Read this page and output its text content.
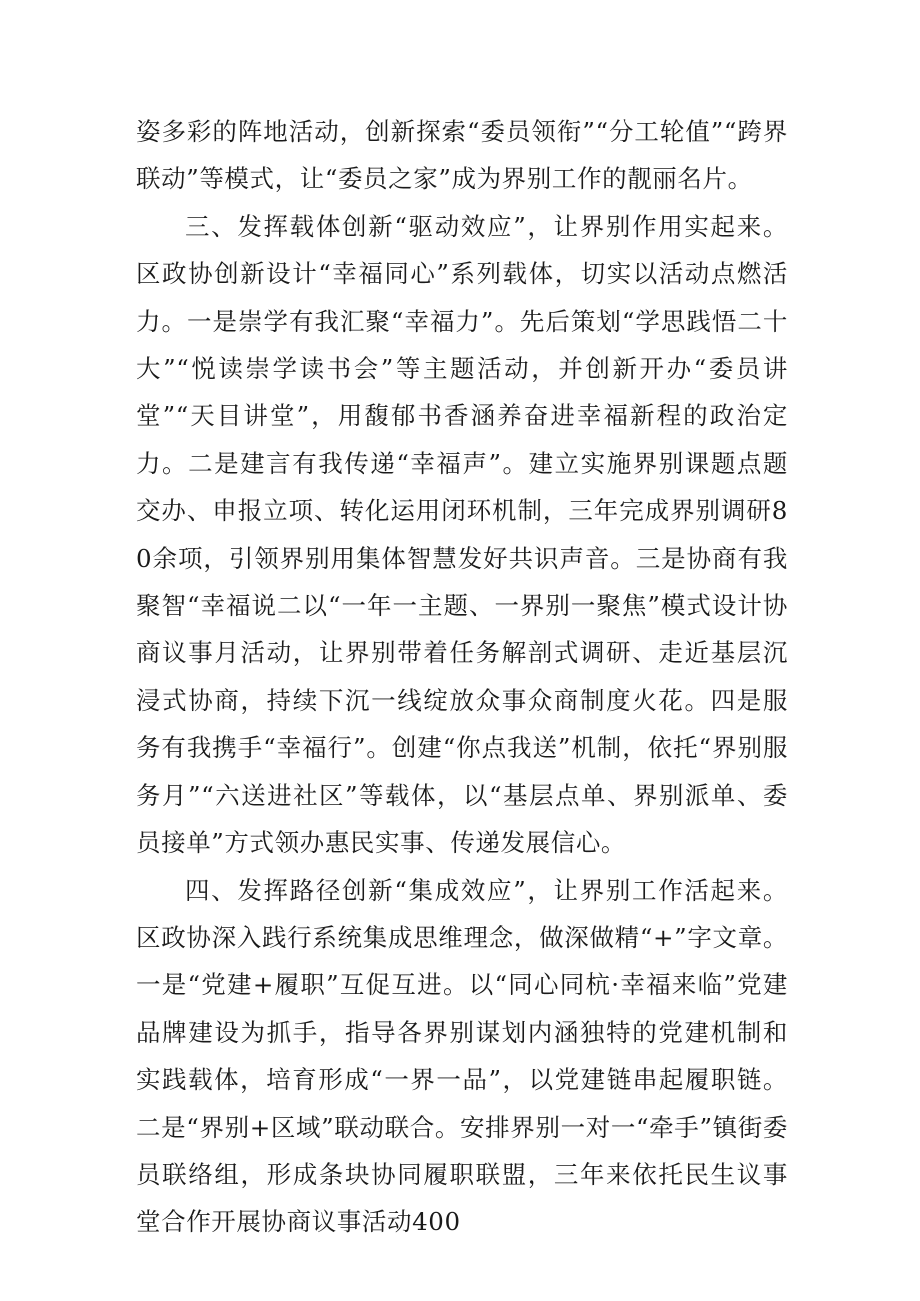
姿多彩的阵地活动，创新探索“委员领衔”“分工轮值”“跨界联动”等模式，让“委员之家”成为界别工作的靓丽名片。

三、发挥载体创新“驱动效应”，让界别作用实起来。区政协创新设计“幸福同心”系列载体，切实以活动点燃活力。一是崇学有我汇聚“幸福力”。先后策划“学思践悟二十大”“悦读崇学读书会”等主题活动，并创新开办“委员讲堂”“天目讲堂”，用馥郁书香涵养奋进幸福新程的政治定力。二是建言有我传递“幸福声”。建立实施界别课题点题交办、申报立项、转化运用闭环机制，三年完成界别调研80余项，引领界别用集体智慧发好共识声音。三是协商有我聚智“幸福说二以“一年一主题、一界别一聚焦”模式设计协商议事月活动，让界别带着任务解剖式调研、走近基层沉浸式协商，持续下沉一线绽放众事众商制度火花。四是服务有我携手“幸福行”。创建“你点我送”机制，依托“界别服务月”“六送进社区”等载体，以“基层点单、界别派单、委员接单”方式领办惠民实事、传递发展信心。

四、发挥路径创新“集成效应”，让界别工作活起来。区政协深入践行系统集成思维理念，做深做精“+”字文章。一是“党建+履职”互促互进。以“同心同杭·幸福来临”党建品牌建设为抓手，指导各界别谋划内涵独特的党建机制和实践载体，培育形成“一界一品”，以党建链串起履职链。二是“界别+区域”联动联合。安排界别一对一“牵手”镇街委员联络组，形成条块协同履职联盟，三年来依托民生议事堂合作开展协商议事活动400
